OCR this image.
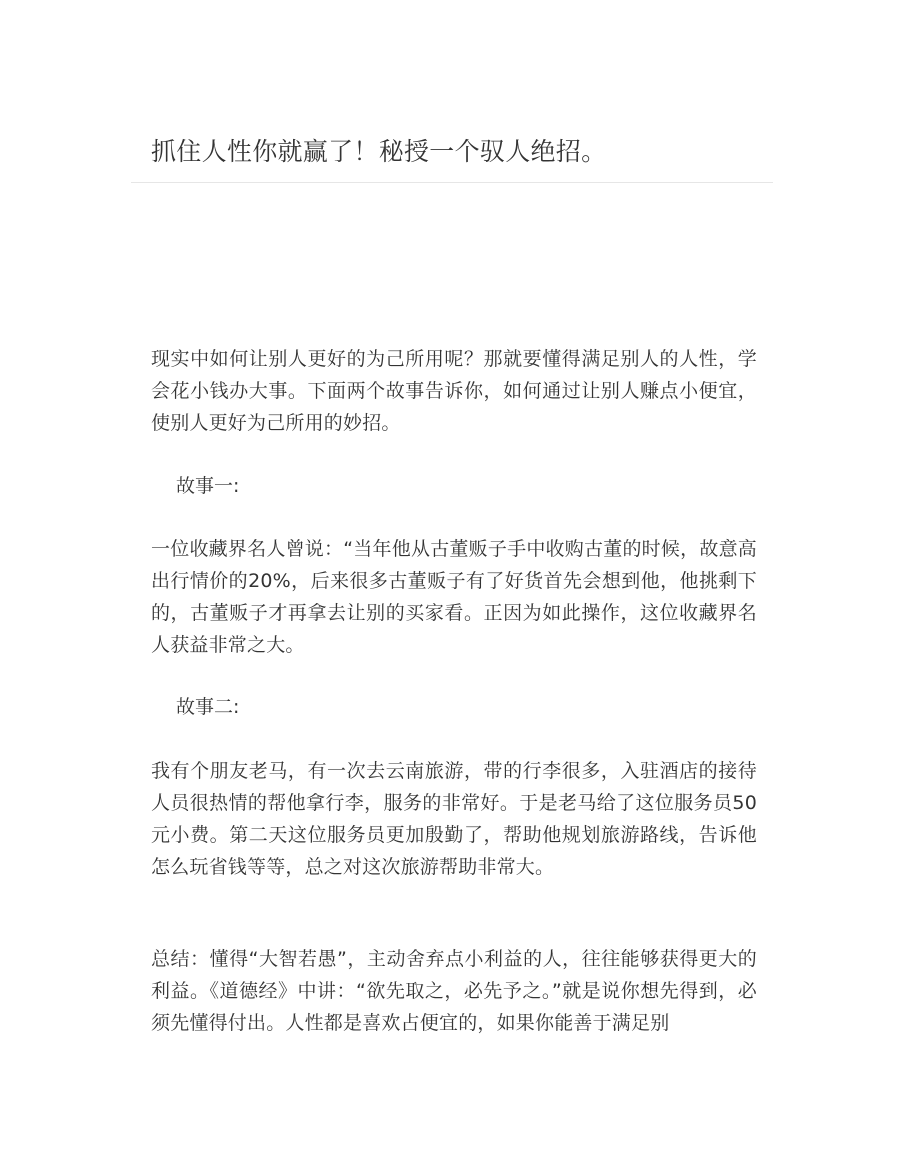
抓住人性你就赢了！秘授一个驭人绝招。

现实中如何让别人更好的为己所用呢？那就要懂得满足别人的人性，学会花小钱办大事。下面两个故事告诉你，如何通过让别人赚点小便宜，使别人更好为己所用的妙招。

故事一:

一位收藏界名人曾说：“当年他从古董贩子手中收购古董的时候，故意高出行情价的20%，后来很多古董贩子有了好货首先会想到他，他挑剩下的，古董贩子才再拿去让别的买家看。正因为如此操作，这位收藏界名人获益非常之大。

故事二:

我有个朋友老马，有一次去云南旅游，带的行李很多，入驻酒店的接待人员很热情的帮他拿行李，服务的非常好。于是老马给了这位服务员50元小费。第二天这位服务员更加殷勤了，帮助他规划旅游路线，告诉他怎么玩省钱等等，总之对这次旅游帮助非常大。

总结：懂得“大智若愚”，主动舍弃点小利益的人，往往能够获得更大的利益。《道德经》中讲：“欲先取之，必先予之。”就是说你想先得到，必须先懂得付出。人性都是喜欢占便宜的，如果你能善于满足别
